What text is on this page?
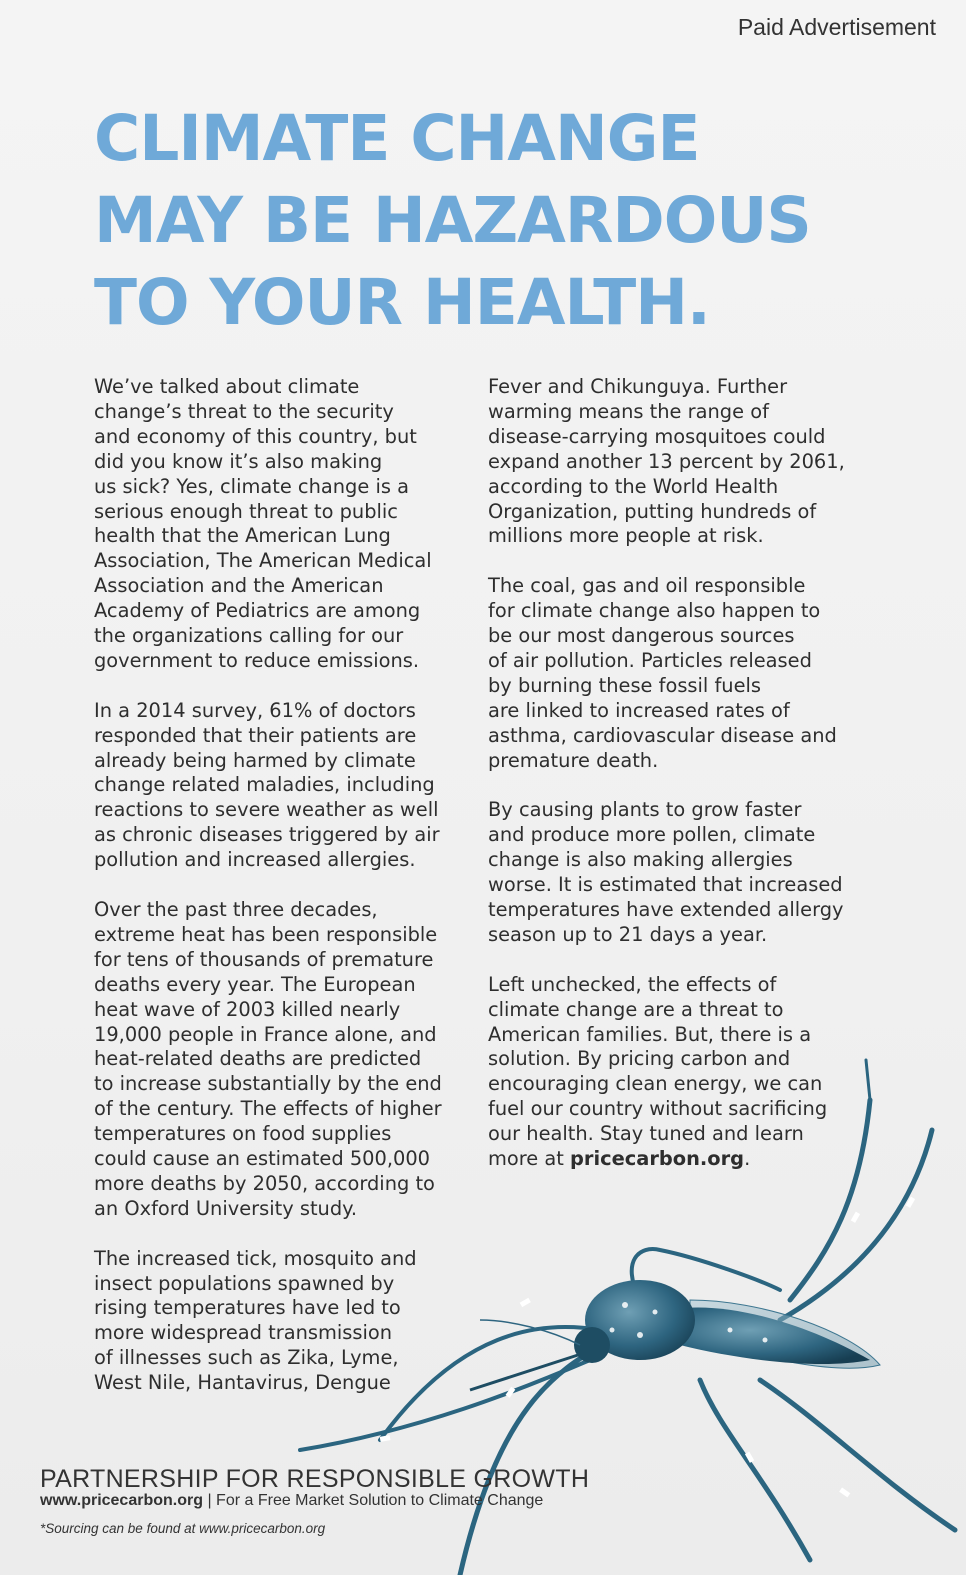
Paid Advertisement
CLIMATE CHANGE
MAY BE HAZARDOUS
TO YOUR HEALTH.
We’ve talked about climate
change’s threat to the security
and economy of this country, but
did you know it’s also making
us sick? Yes, climate change is a
serious enough threat to public
health that the American Lung
Association, The American Medical
Association and the American
Academy of Pediatrics are among
the organizations calling for our
government to reduce emissions.
In a 2014 survey, 61% of doctors
responded that their patients are
already being harmed by climate
change related maladies, including
reactions to severe weather as well
as chronic diseases triggered by air
pollution and increased allergies.
Over the past three decades,
extreme heat has been responsible
for tens of thousands of premature
deaths every year. The European
heat wave of 2003 killed nearly
19,000 people in France alone, and
heat-related deaths are predicted
to increase substantially by the end
of the century. The effects of higher
temperatures on food supplies
could cause an estimated 500,000
more deaths by 2050, according to
an Oxford University study.
The increased tick, mosquito and
insect populations spawned by
rising temperatures have led to
more widespread transmission
of illnesses such as Zika, Lyme,
West Nile, Hantavirus, Dengue
Fever and Chikunguya. Further
warming means the range of
disease-carrying mosquitoes could
expand another 13 percent by 2061,
according to the World Health
Organization, putting hundreds of
millions more people at risk.
The coal, gas and oil responsible
for climate change also happen to
be our most dangerous sources
of air pollution. Particles released
by burning these fossil fuels
are linked to increased rates of
asthma, cardiovascular disease and
premature death.
By causing plants to grow faster
and produce more pollen, climate
change is also making allergies
worse. It is estimated that increased
temperatures have extended allergy
season up to 21 days a year.
Left unchecked, the effects of
climate change are a threat to
American families. But, there is a
solution. By pricing carbon and
encouraging clean energy, we can
fuel our country without sacrificing
our health. Stay tuned and learn
more at pricecarbon.org.
PARTNERSHIP FOR RESPONSIBLE GROWTH
www.pricecarbon.org | For a Free Market Solution to Climate Change
*Sourcing can be found at www.pricecarbon.org
